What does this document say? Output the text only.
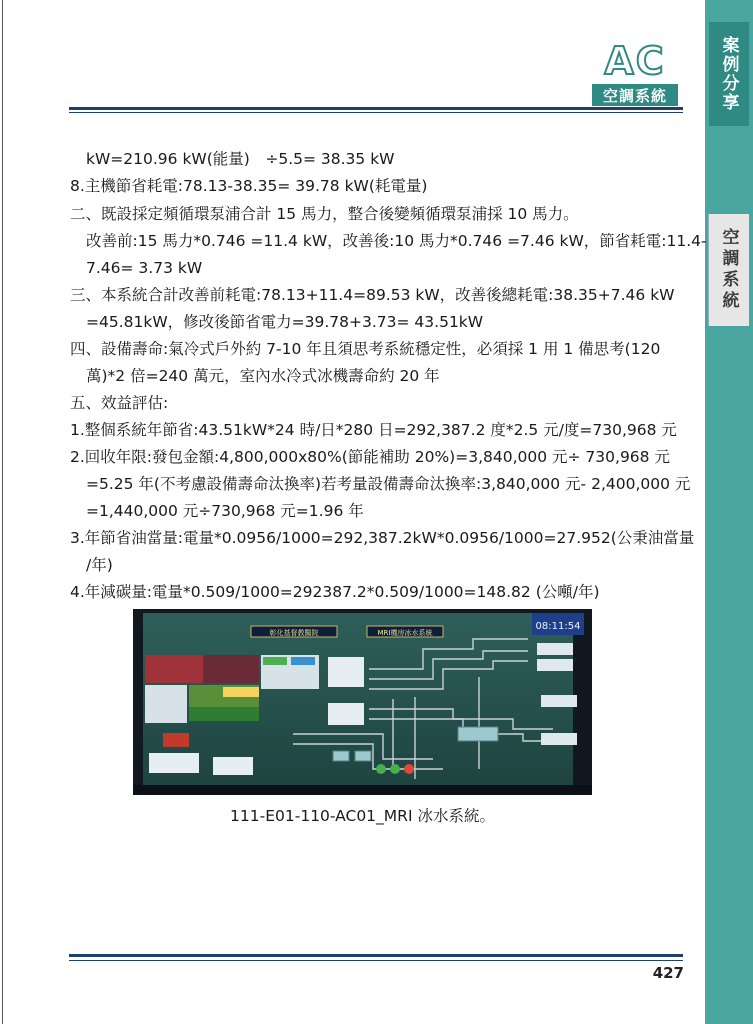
案例分享
空調系統
AC
空調系統
kW=210.96 kW(能量)　÷5.5= 38.35 kW
8.主機節省耗電:78.13-38.35= 39.78 kW(耗電量)
二、既設採定頻循環泵浦合計 15 馬力，整合後變頻循環泵浦採 10 馬力。
改善前:15 馬力*0.746 =11.4 kW，改善後:10 馬力*0.746 =7.46 kW，節省耗電:11.4-
7.46= 3.73 kW
三、本系統合計改善前耗電:78.13+11.4=89.53 kW，改善後總耗電:38.35+7.46 kW
=45.81kW，修改後節省電力=39.78+3.73= 43.51kW
四、設備壽命:氣冷式戶外約 7-10 年且須思考系統穩定性，必須採 1 用 1 備思考(120
萬)*2 倍=240 萬元，室內水冷式冰機壽命約 20 年
五、效益評估:
1.整個系統年節省:43.51kW*24 時/日*280 日=292,387.2 度*2.5 元/度=730,968 元
2.回收年限:發包金額:4,800,000x80%(節能補助 20%)=3,840,000 元÷ 730,968 元
=5.25 年(不考慮設備壽命汰換率)若考量設備壽命汰換率:3,840,000 元- 2,400,000 元
=1,440,000 元÷730,968 元=1.96 年
3.年節省油當量:電量*0.0956/1000=292,387.2kW*0.0956/1000=27.952(公秉油當量
/年)
4.年減碳量:電量*0.509/1000=292387.2*0.509/1000=148.82 (公噸/年)
彰化基督教醫院	MRI機房冰水系統
08:11:54
111-E01-110-AC01_MRI 冰水系統。
427
